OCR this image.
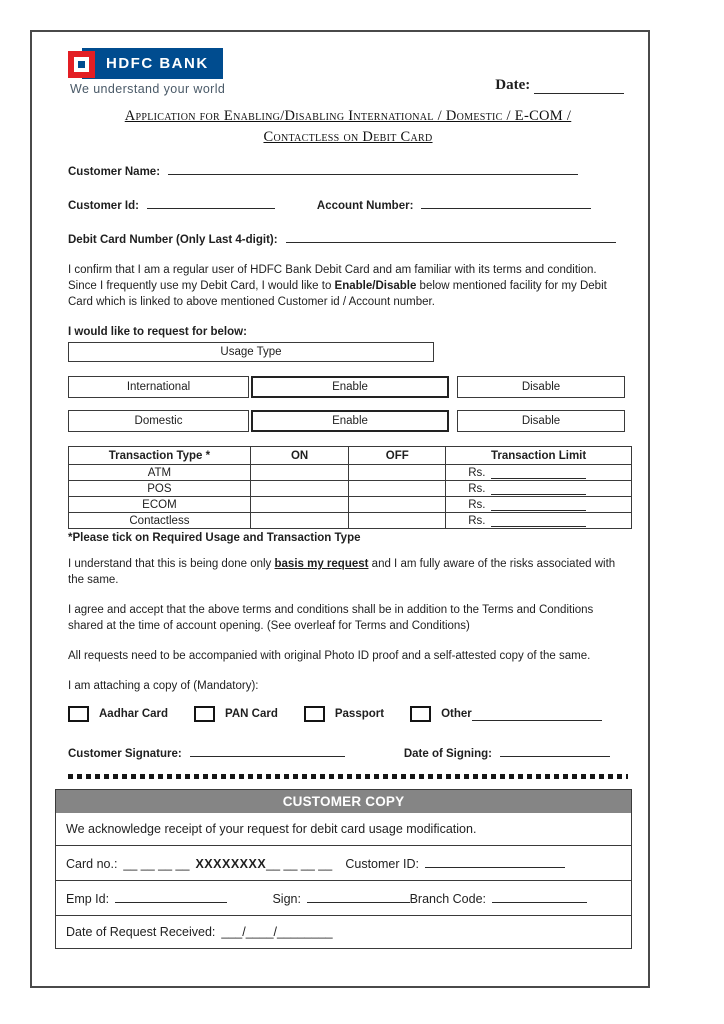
HDFC BANK
We understand your world	Date:
Application for Enabling/Disabling International / Domestic / E-COM /
Contactless on Debit Card
Customer Name:
Customer Id:	Account Number:
Debit Card Number (Only Last 4-digit):

I confirm that I am a regular user of HDFC Bank Debit Card and am familiar with its terms and condition. Since I frequently use my Debit Card, I would like to Enable/Disable below mentioned facility for my Debit Card which is linked to above mentioned Customer id / Account number.

I would like to request for below:
Usage Type
International	Enable	Disable
Domestic	Enable	Disable
Transaction Type *	ON	OFF	Transaction Limit
ATM			Rs.
POS			Rs.
ECOM			Rs.
Contactless			Rs.
*Please tick on Required Usage and Transaction Type

I understand that this is being done only basis my request and I am fully aware of the risks associated with the same.

I agree and accept that the above terms and conditions shall be in addition to the Terms and Conditions shared at the time of account opening. (See overleaf for Terms and Conditions)

All requests need to be accompanied with original Photo ID proof and a self-attested copy of the same.

I am attaching a copy of (Mandatory):

Aadhar Card	PAN Card	Passport	Other
Customer Signature:	Date of Signing:
CUSTOMER COPY
We acknowledge receipt of your request for debit card usage modification.
Card no.: __ __ __ __ XXXXXXXX __ __ __ __ Customer ID:
Emp Id:	Sign:	Branch Code:
Date of Request Received: ___/____/________
